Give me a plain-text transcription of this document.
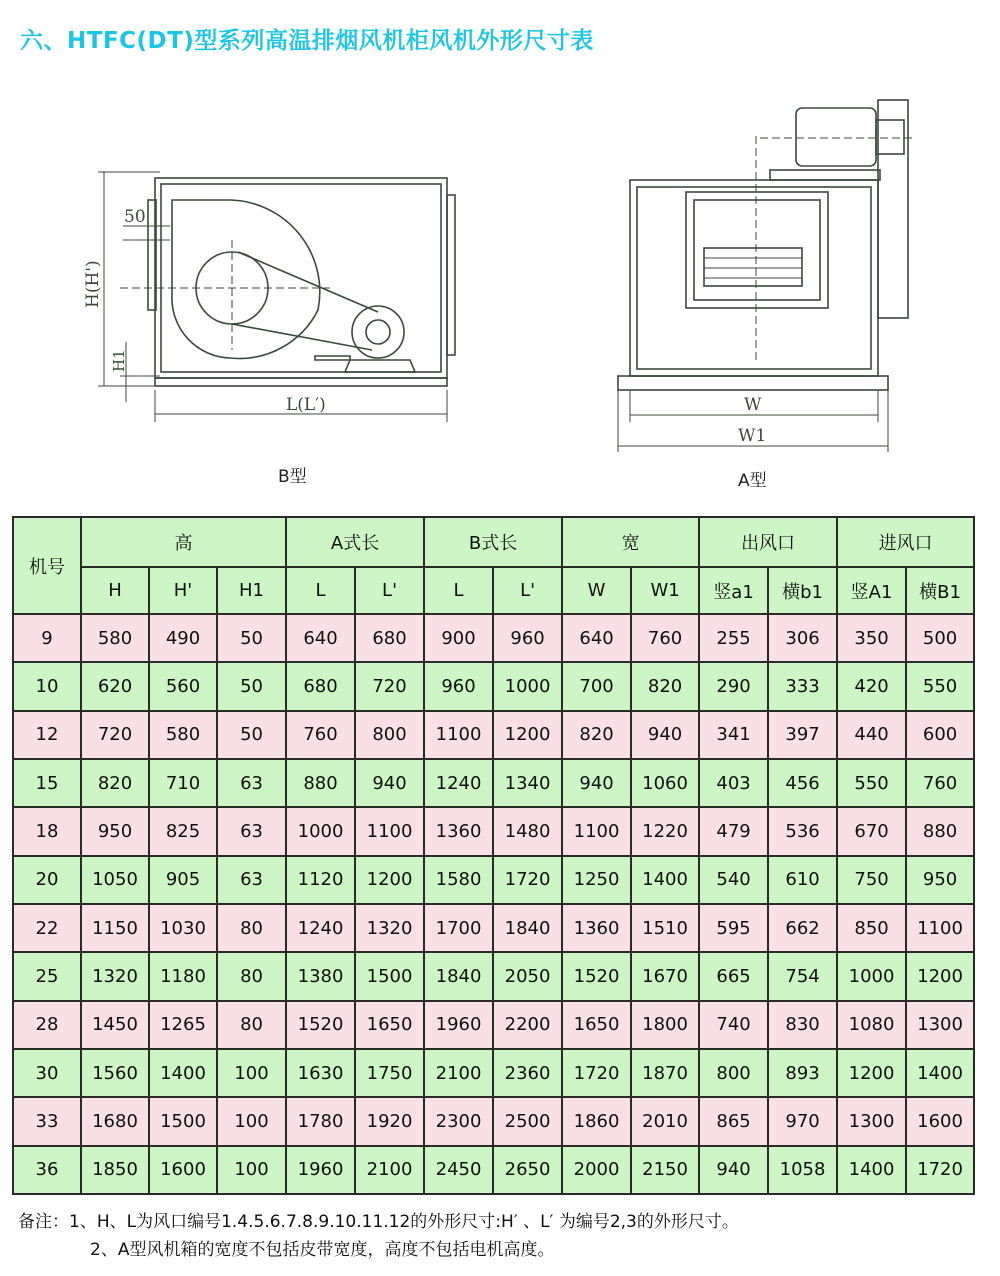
六、HTFC(DT)型系列高温排烟风机柜风机外形尺寸表
50
H(H')
H1
L(L′)	W
W1
B型	A型
机号	高			A式长		B式长		宽		出风口		进风口	
	H	H'	H1	L	L'	L	L'	W	W1	竖a1	横b1	竖A1	横B1
9	580	490	50	640	680	900	960	640	760	255	306	350	500
10	620	560	50	680	720	960	1000	700	820	290	333	420	550
12	720	580	50	760	800	1100	1200	820	940	341	397	440	600
15	820	710	63	880	940	1240	1340	940	1060	403	456	550	760
18	950	825	63	1000	1100	1360	1480	1100	1220	479	536	670	880
20	1050	905	63	1120	1200	1580	1720	1250	1400	540	610	750	950
22	1150	1030	80	1240	1320	1700	1840	1360	1510	595	662	850	1100
25	1320	1180	80	1380	1500	1840	2050	1520	1670	665	754	1000	1200
28	1450	1265	80	1520	1650	1960	2200	1650	1800	740	830	1080	1300
30	1560	1400	100	1630	1750	2100	2360	1720	1870	800	893	1200	1400
33	1680	1500	100	1780	1920	2300	2500	1860	2010	865	970	1300	1600
36	1850	1600	100	1960	2100	2450	2650	2000	2150	940	1058	1400	1720
备注：1、H、L为风口编号1.4.5.6.7.8.9.10.11.12的外形尺寸:H′ 、L′ 为编号2,3的外形尺寸。
2、A型风机箱的宽度不包括皮带宽度，高度不包括电机高度。
